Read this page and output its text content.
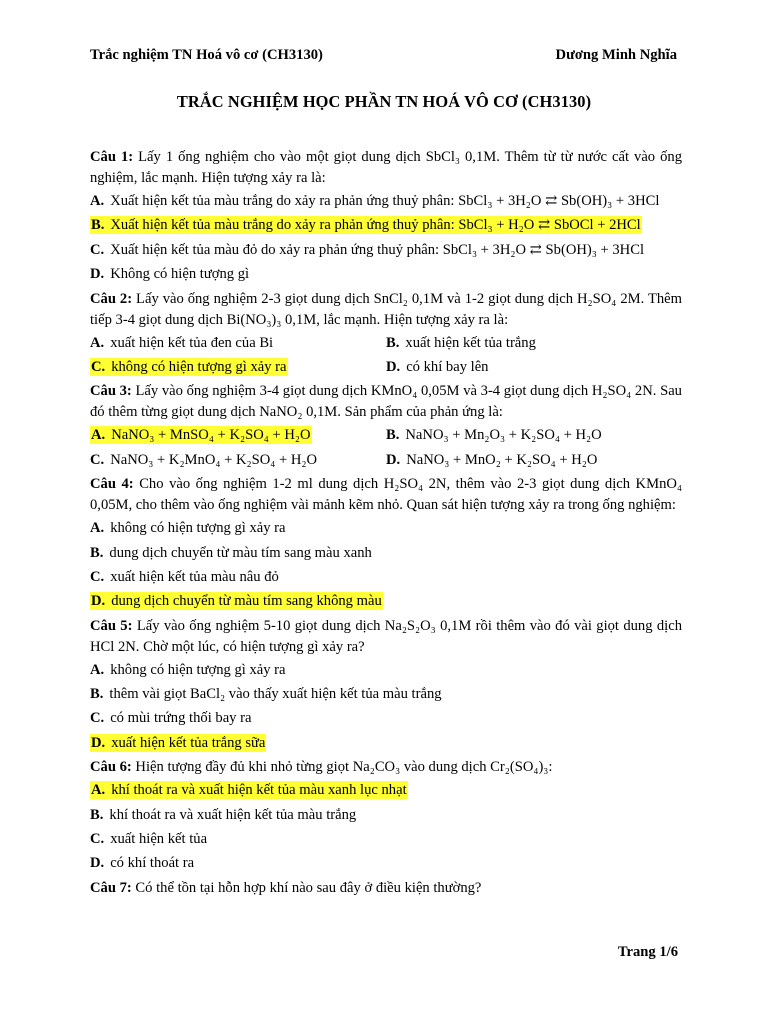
Trắc nghiệm TN Hoá vô cơ (CH3130)	Dương Minh Nghĩa
TRẮC NGHIỆM HỌC PHẦN TN HOÁ VÔ CƠ (CH3130)
Câu 1: Lấy 1 ống nghiệm cho vào một giọt dung dịch SbCl₃ 0,1M. Thêm từ từ nước cất vào ống nghiệm, lắc mạnh. Hiện tượng xảy ra là:
A. Xuất hiện kết tủa màu trắng do xảy ra phản ứng thuỷ phân: SbCl₃ + 3H₂O ⇄ Sb(OH)₃ + 3HCl
B. Xuất hiện kết tủa màu trắng do xảy ra phản ứng thuỷ phân: SbCl₃ + H₂O ⇄ SbOCl + 2HCl
C. Xuất hiện kết tủa màu đỏ do xảy ra phản ứng thuỷ phân: SbCl₃ + 3H₂O ⇄ Sb(OH)₃ + 3HCl
D. Không có hiện tượng gì
Câu 2: Lấy vào ống nghiệm 2-3 giọt dung dịch SnCl₂ 0,1M và 1-2 giọt dung dịch H₂SO₄ 2M. Thêm tiếp 3-4 giọt dung dịch Bi(NO₃)₃ 0,1M, lắc mạnh. Hiện tượng xảy ra là:
A. xuất hiện kết tủa đen của Bi	B. xuất hiện kết tủa trắng
C. không có hiện tượng gì xảy ra	D. có khí bay lên
Câu 3: Lấy vào ống nghiệm 3-4 giọt dung dịch KMnO₄ 0,05M và 3-4 giọt dung dịch H₂SO₄ 2N. Sau đó thêm từng giọt dung dịch NaNO₂ 0,1M. Sản phẩm của phản ứng là:
A. NaNO₃ + MnSO₄ + K₂SO₄ + H₂O	B. NaNO₃ + Mn₂O₃ + K₂SO₄ + H₂O
C. NaNO₃ + K₂MnO₄ + K₂SO₄ + H₂O	D. NaNO₃ + MnO₂ + K₂SO₄ + H₂O
Câu 4: Cho vào ống nghiệm 1-2 ml dung dịch H₂SO₄ 2N, thêm vào 2-3 giọt dung dịch KMnO₄ 0,05M, cho thêm vào ống nghiệm vài mảnh kẽm nhỏ. Quan sát hiện tượng xảy ra trong ống nghiệm:
A. không có hiện tượng gì xảy ra
B. dung dịch chuyển từ màu tím sang màu xanh
C. xuất hiện kết tủa màu nâu đỏ
D. dung dịch chuyển từ màu tím sang không màu
Câu 5: Lấy vào ống nghiệm 5-10 giọt dung dịch Na₂S₂O₃ 0,1M rồi thêm vào đó vài giọt dung dịch HCl 2N. Chờ một lúc, có hiện tượng gì xảy ra?
A. không có hiện tượng gì xảy ra
B. thêm vài giọt BaCl₂ vào thấy xuất hiện kết tủa màu trắng
C. có mùi trứng thối bay ra
D. xuất hiện kết tủa trắng sữa
Câu 6: Hiện tượng đầy đủ khi nhỏ từng giọt Na₂CO₃ vào dung dịch Cr₂(SO₄)₃:
A. khí thoát ra và xuất hiện kết tủa màu xanh lục nhạt
B. khí thoát ra và xuất hiện kết tủa màu trắng
C. xuất hiện kết tủa
D. có khí thoát ra
Câu 7: Có thể tồn tại hỗn hợp khí nào sau đây ở điều kiện thường?
Trang 1/6
